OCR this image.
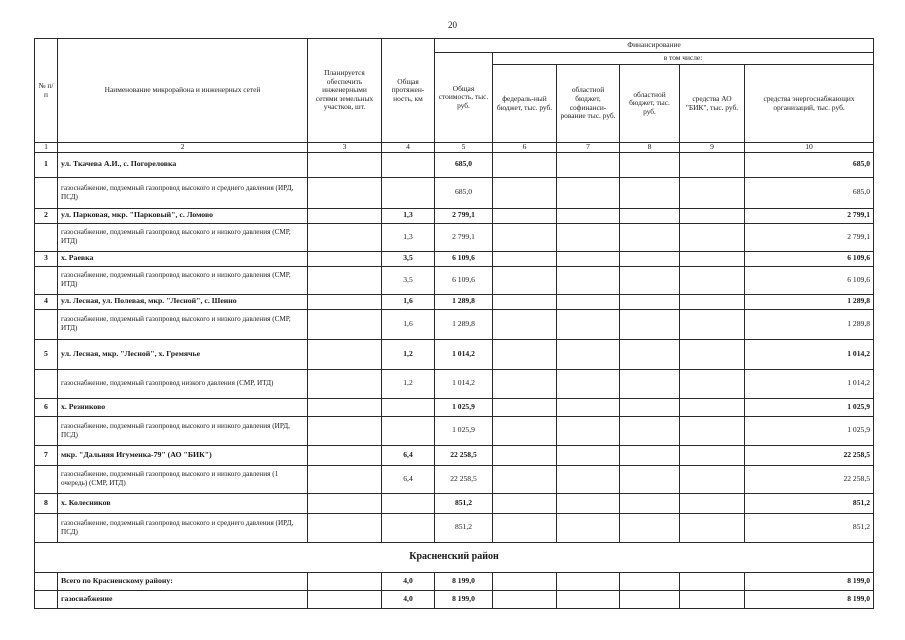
20
№ п/п	Наименование микрорайона и инженерных сетей	Планируется обеспечить инженерными сетями земельных участков, шт.	Общая протяжен-ность, км	Финансирование					
				Общая стоимость, тыс. руб.	в том числе:				
					федераль-ный бюджет, тыс. руб.	областной бюджет, софинанси-рование тыс. руб.	областной бюджет, тыс. руб.	средства АО "БИК", тыс. руб.	средства энергоснабжающих организаций, тыс. руб.
1	2	3	4	5	6	7	8	9	10
1	ул. Ткачева А.И., с. Погореловка			685,0					685,0
	газоснабжение, подземный газопровод высокого и среднего давления (ИРД, ПСД)			685,0					685,0
2	ул. Парковая, мкр. "Парковый", с. Ломово		1,3	2 799,1					2 799,1
	газоснабжение, подземный газопровод высокого и низкого давления (СМР, ИТД)		1,3	2 799,1					2 799,1
3	х. Раевка		3,5	6 109,6					6 109,6
	газоснабжение, подземный газопровод высокого и низкого давления (СМР, ИТД)		3,5	6 109,6					6 109,6
4	ул. Лесная, ул. Полевая, мкр. "Лесной", с. Шеино		1,6	1 289,8					1 289,8
	газоснабжение, подземный газопровод высокого и низкого давления (СМР, ИТД)		1,6	1 289,8					1 289,8
5	ул. Лесная, мкр. "Лесной", х. Гремячье		1,2	1 014,2					1 014,2
	газоснабжение, подземный газопровод низкого давления (СМР, ИТД)		1,2	1 014,2					1 014,2
6	х. Резниково			1 025,9					1 025,9
	газоснабжение, подземный газопровод высокого и низкого давления (ИРД, ПСД)			1 025,9					1 025,9
7	мкр. "Дальняя Игуменка-79" (АО "БИК")		6,4	22 258,5					22 258,5
	газоснабжение, подземный газопровод высокого и низкого давления (1 очередь) (СМР, ИТД)		6,4	22 258,5					22 258,5
8	х. Колесников			851,2					851,2
	газоснабжение, подземный газопровод высокого и среднего давления (ИРД, ПСД)			851,2					851,2
Красненский район									
	Всего по Красненскому району:		4,0	8 199,0					8 199,0
	газоснабжение		4,0	8 199,0					8 199,0
